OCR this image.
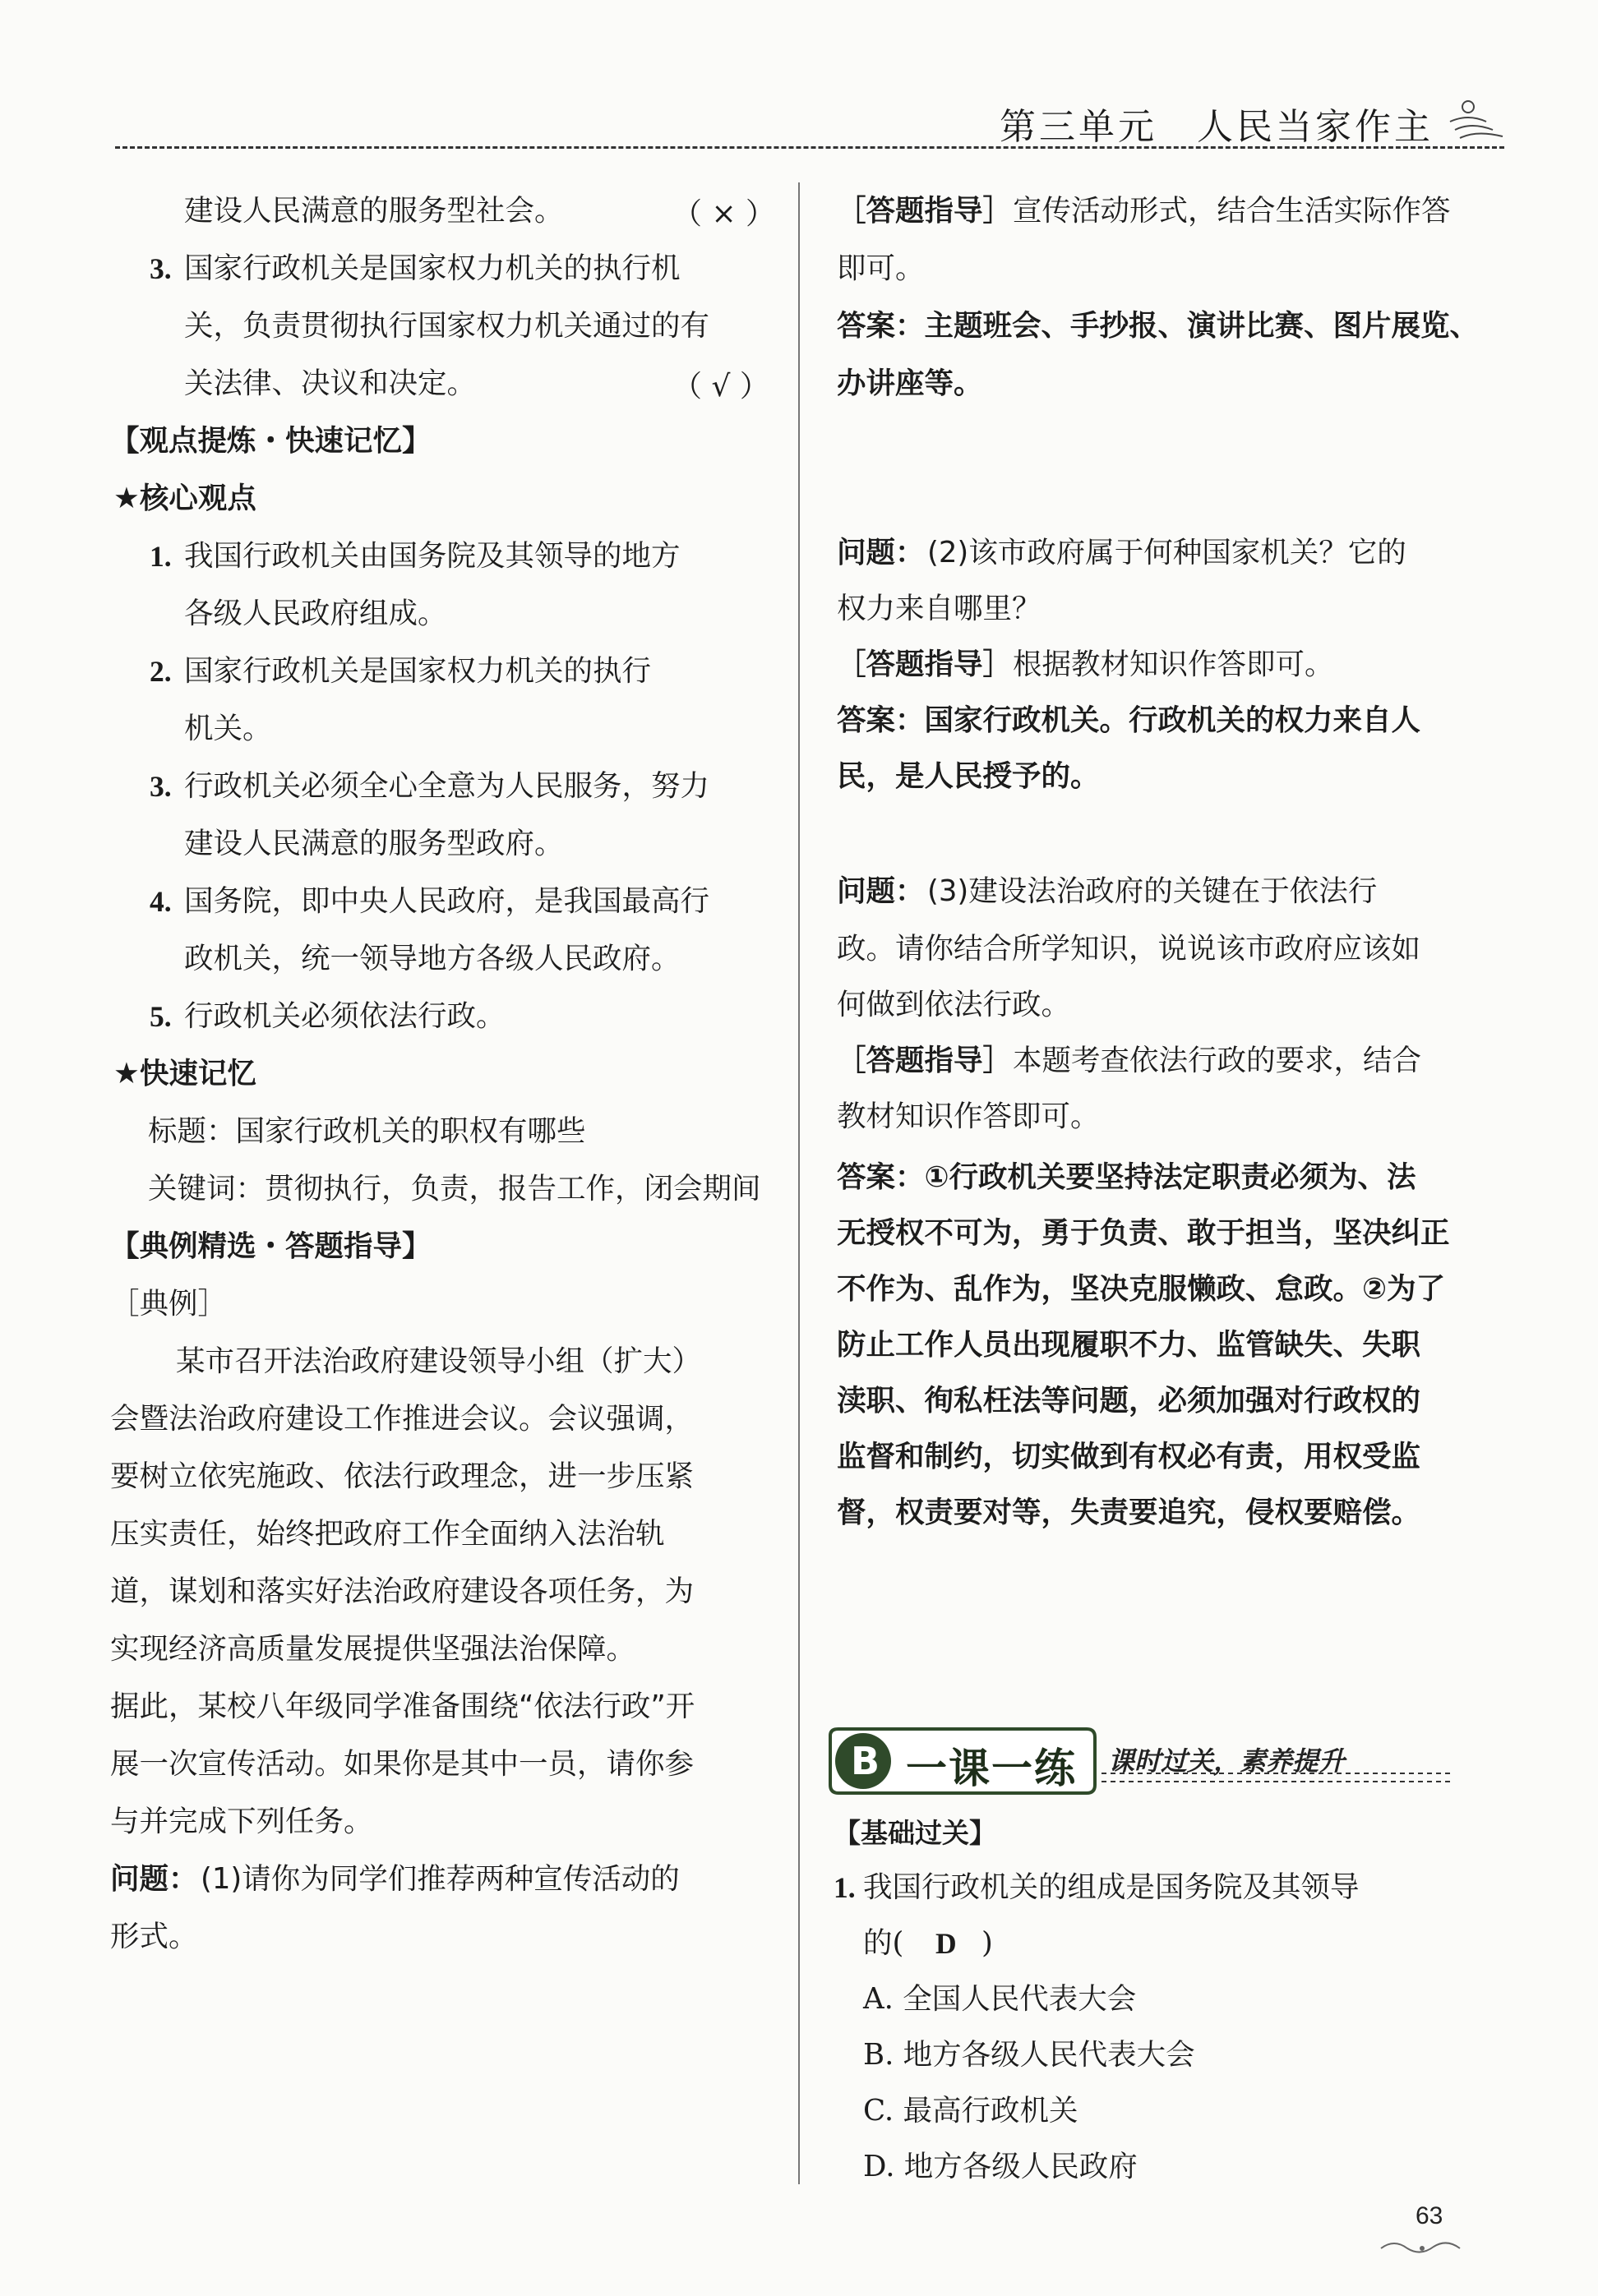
第三单元　人民当家作主
建设人民满意的服务型社会。	（ × ）
3. 国家行政机关是国家权力机关的执行机
关，负责贯彻执行国家权力机关通过的有
关法律、决议和决定。	（ √ ）
【观点提炼・快速记忆】
★核心观点
1. 我国行政机关由国务院及其领导的地方
各级人民政府组成。
2. 国家行政机关是国家权力机关的执行
机关。
3. 行政机关必须全心全意为人民服务，努力
建设人民满意的服务型政府。
4. 国务院，即中央人民政府，是我国最高行
政机关，统一领导地方各级人民政府。
5. 行政机关必须依法行政。
★快速记忆
标题：国家行政机关的职权有哪些
关键词：贯彻执行，负责，报告工作，闭会期间
【典例精选・答题指导】
［典例］
某市召开法治政府建设领导小组（扩大）
会暨法治政府建设工作推进会议。会议强调，
要树立依宪施政、依法行政理念，进一步压紧
压实责任，始终把政府工作全面纳入法治轨
道，谋划和落实好法治政府建设各项任务，为
实现经济高质量发展提供坚强法治保障。
据此，某校八年级同学准备围绕“依法行政”开
展一次宣传活动。如果你是其中一员，请你参
与并完成下列任务。
问题： (1)请你为同学们推荐两种宣传活动的
形式。
［答题指导］ 宣传活动形式，结合生活实际作答
即可。
答案：主题班会、手抄报、演讲比赛、图片展览、
办讲座等。
问题： (2)该市政府属于何种国家机关？它的
权力来自哪里？
［答题指导］ 根据教材知识作答即可。
答案：国家行政机关。行政机关的权力来自人
民，是人民授予的。
问题： (3)建设法治政府的关键在于依法行
政。请你结合所学知识，说说该市政府应该如
何做到依法行政。
［答题指导］ 本题考查依法行政的要求，结合
教材知识作答即可。
答案：①行政机关要坚持法定职责必须为、法
无授权不可为，勇于负责、敢于担当，坚决纠正
不作为、乱作为，坚决克服懒政、怠政。②为了
防止工作人员出现履职不力、监管缺失、失职
渎职、徇私枉法等问题，必须加强对行政权的
监督和制约，切实做到有权必有责，用权受监
督，权责要对等，失责要追究，侵权要赔偿。
B 一课一练 课时过关，素养提升
【基础过关】
1. 我国行政机关的组成是国务院及其领导
的( D )
A. 全国人民代表大会
B. 地方各级人民代表大会
C. 最高行政机关
D. 地方各级人民政府
63
